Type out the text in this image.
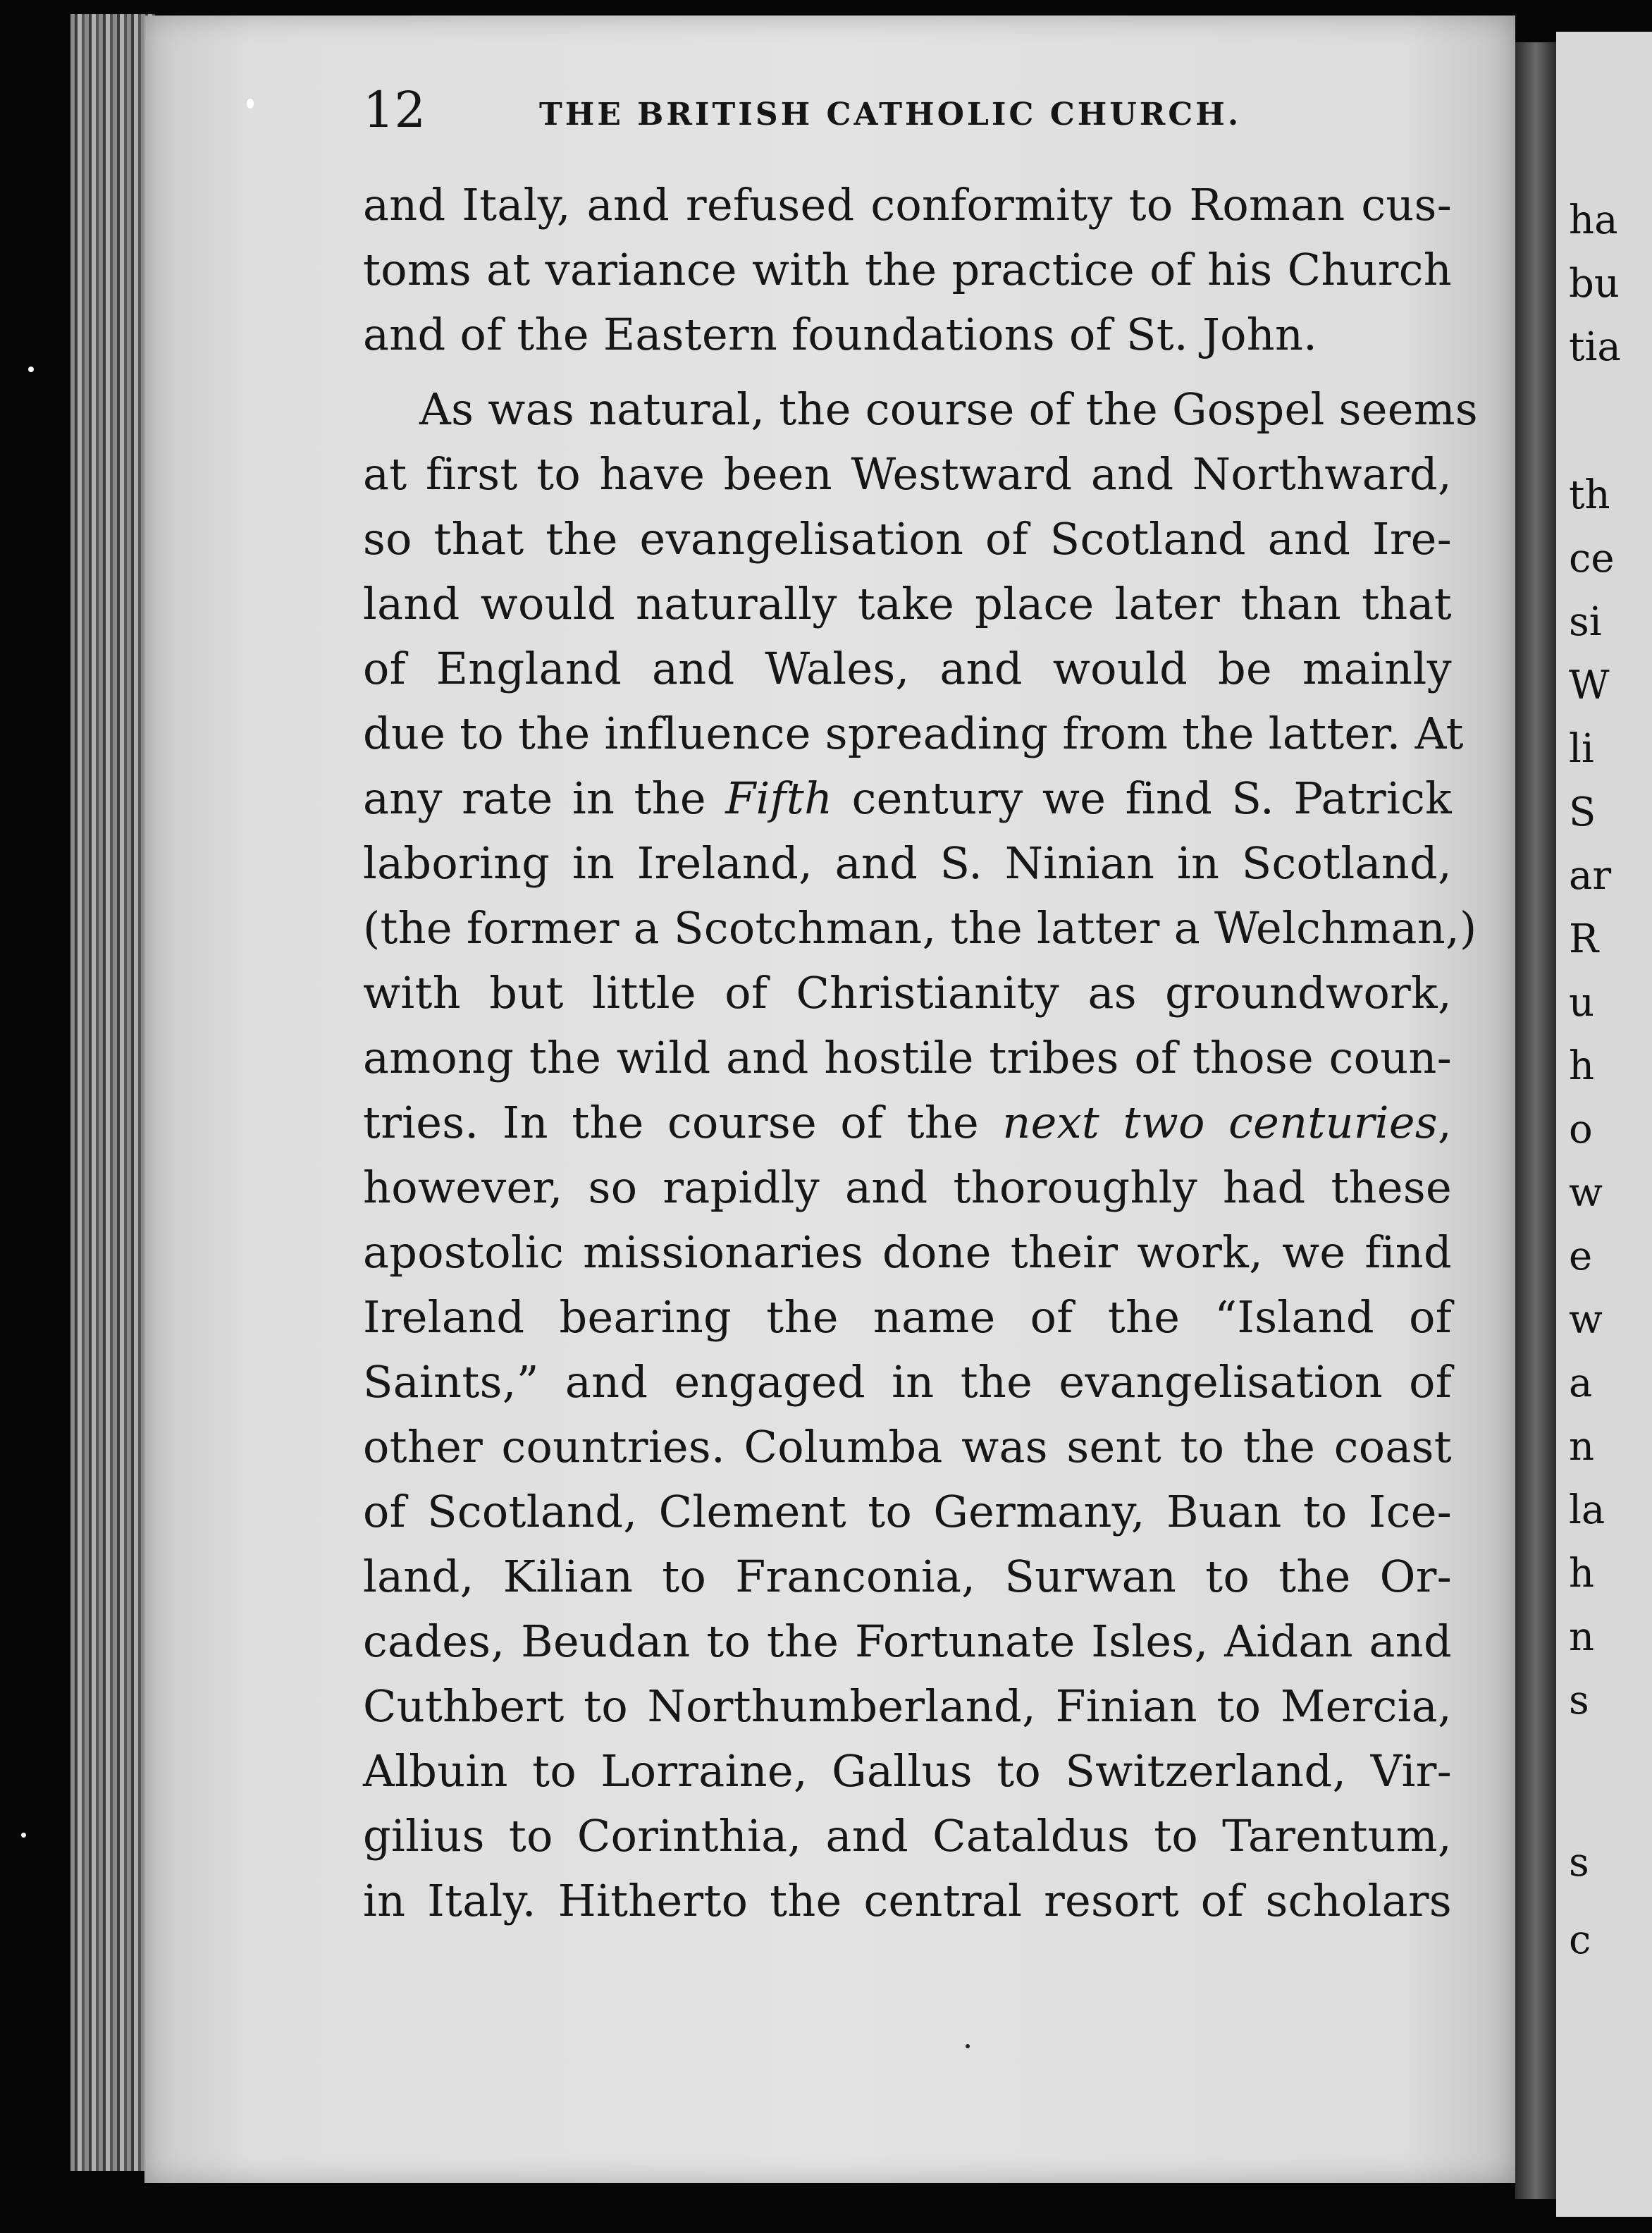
ha
bu
tia
th
ce
si
W
li
S
ar
R
u
h
o
w
e
w
a
n
la
h
n
s
s
c
12	THE BRITISH CATHOLIC CHURCH.
and Italy, and refused conformity to Roman cus-
toms at variance with the practice of his Church
and of the Eastern foundations of St. John.
As was natural, the course of the Gospel seems
at first to have been Westward and Northward,
so that the evangelisation of Scotland and Ire-
land would naturally take place later than that
of England and Wales, and would be mainly
due to the influence spreading from the latter. At
any rate in the Fifth century we find S. Patrick
laboring in Ireland, and S. Ninian in Scotland,
(the former a Scotchman, the latter a Welchman,)
with but little of Christianity as groundwork,
among the wild and hostile tribes of those coun-
tries. In the course of the next two centuries,
however, so rapidly and thoroughly had these
apostolic missionaries done their work, we find
Ireland bearing the name of the “Island of
Saints,” and engaged in the evangelisation of
other countries. Columba was sent to the coast
of Scotland, Clement to Germany, Buan to Ice-
land, Kilian to Franconia, Surwan to the Or-
cades, Beudan to the Fortunate Isles, Aidan and
Cuthbert to Northumberland, Finian to Mercia,
Albuin to Lorraine, Gallus to Switzerland, Vir-
gilius to Corinthia, and Cataldus to Tarentum,
in Italy. Hitherto the central resort of scholars
